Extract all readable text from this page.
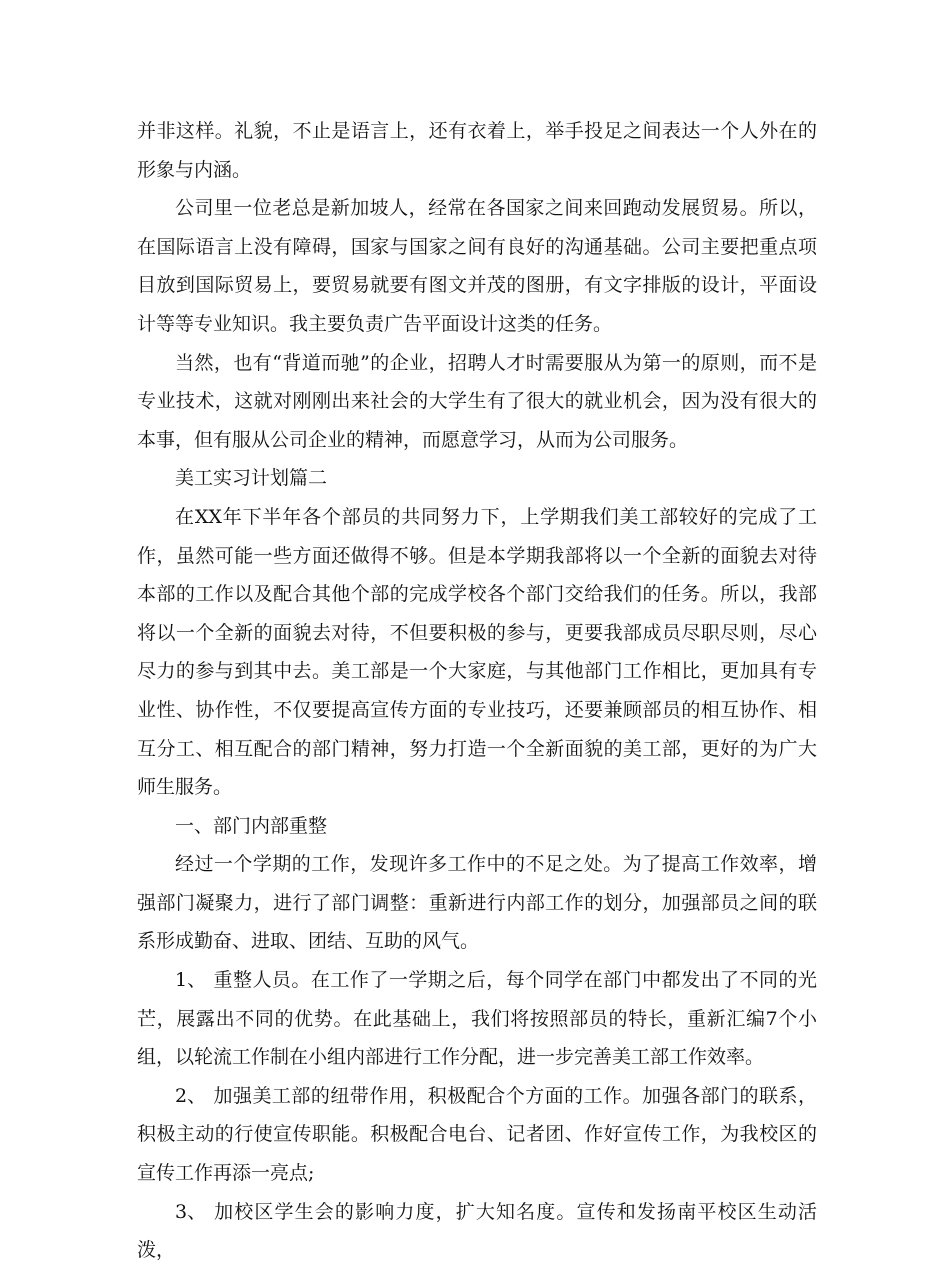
并非这样。礼貌，不止是语言上，还有衣着上，举手投足之间表达一个人外在的形象与内涵。

公司里一位老总是新加坡人，经常在各国家之间来回跑动发展贸易。所以，在国际语言上没有障碍，国家与国家之间有良好的沟通基础。公司主要把重点项目放到国际贸易上，要贸易就要有图文并茂的图册，有文字排版的设计，平面设计等等专业知识。我主要负责广告平面设计这类的任务。

当然，也有“背道而驰”的企业，招聘人才时需要服从为第一的原则，而不是专业技术，这就对刚刚出来社会的大学生有了很大的就业机会，因为没有很大的本事，但有服从公司企业的精神，而愿意学习，从而为公司服务。

美工实习计划篇二

在XX年下半年各个部员的共同努力下，上学期我们美工部较好的完成了工作，虽然可能一些方面还做得不够。但是本学期我部将以一个全新的面貌去对待本部的工作以及配合其他个部的完成学校各个部门交给我们的任务。所以，我部将以一个全新的面貌去对待，不但要积极的参与，更要我部成员尽职尽则，尽心尽力的参与到其中去。美工部是一个大家庭，与其他部门工作相比，更加具有专业性、协作性，不仅要提高宣传方面的专业技巧，还要兼顾部员的相互协作、相互分工、相互配合的部门精神，努力打造一个全新面貌的美工部，更好的为广大师生服务。

一、部门内部重整

经过一个学期的工作，发现许多工作中的不足之处。为了提高工作效率，增强部门凝聚力，进行了部门调整：重新进行内部工作的划分，加强部员之间的联系形成勤奋、进取、团结、互助的风气。

1、 重整人员。在工作了一学期之后，每个同学在部门中都发出了不同的光芒，展露出不同的优势。在此基础上，我们将按照部员的特长，重新汇编7个小组，以轮流工作制在小组内部进行工作分配，进一步完善美工部工作效率。

2、 加强美工部的纽带作用，积极配合个方面的工作。加强各部门的联系，积极主动的行使宣传职能。积极配合电台、记者团、作好宣传工作，为我校区的宣传工作再添一亮点;

3、 加校区学生会的影响力度，扩大知名度。宣传和发扬南平校区生动活泼，
